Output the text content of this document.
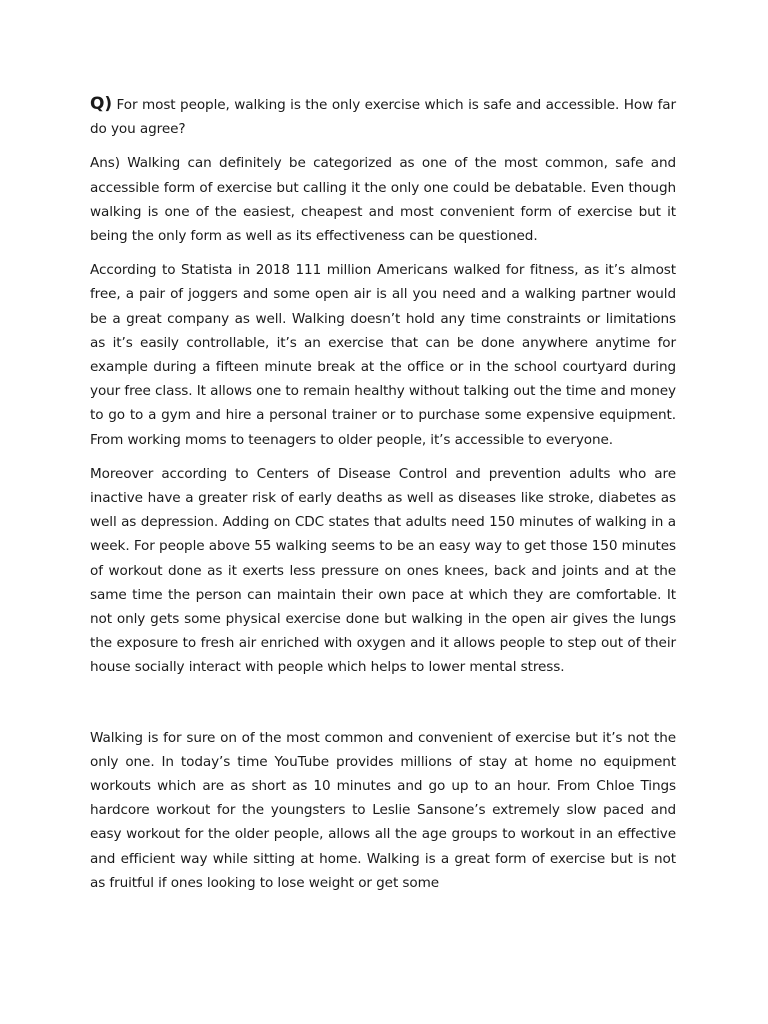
Q) For most people, walking is the only exercise which is safe and accessible. How far do you agree?

Ans) Walking can definitely be categorized as one of the most common, safe and accessible form of exercise but calling it the only one could be debatable. Even though walking is one of the easiest, cheapest and most convenient form of exercise but it being the only form as well as its effectiveness can be questioned.

According to Statista in 2018 111 million Americans walked for fitness, as it’s almost free, a pair of joggers and some open air is all you need and a walking partner would be a great company as well. Walking doesn’t hold any time constraints or limitations as it’s easily controllable, it’s an exercise that can be done anywhere anytime for example during a fifteen minute break at the office or in the school courtyard during your free class. It allows one to remain healthy without talking out the time and money to go to a gym and hire a personal trainer or to purchase some expensive equipment. From working moms to teenagers to older people, it’s accessible to everyone.

Moreover according to Centers of Disease Control and prevention adults who are inactive have a greater risk of early deaths as well as diseases like stroke, diabetes as well as depression. Adding on CDC states that adults need 150 minutes of walking in a week. For people above 55 walking seems to be an easy way to get those 150 minutes of workout done as it exerts less pressure on ones knees, back and joints and at the same time the person can maintain their own pace at which they are comfortable. It not only gets some physical exercise done but walking in the open air gives the lungs the exposure to fresh air enriched with oxygen and it allows people to step out of their house socially interact with people which helps to lower mental stress.

Walking is for sure on of the most common and convenient of exercise but it’s not the only one. In today’s time YouTube provides millions of stay at home no equipment workouts which are as short as 10 minutes and go up to an hour. From Chloe Tings hardcore workout for the youngsters to Leslie Sansone’s extremely slow paced and easy workout for the older people, allows all the age groups to workout in an effective and efficient way while sitting at home. Walking is a great form of exercise but is not as fruitful if ones looking to lose weight or get some
